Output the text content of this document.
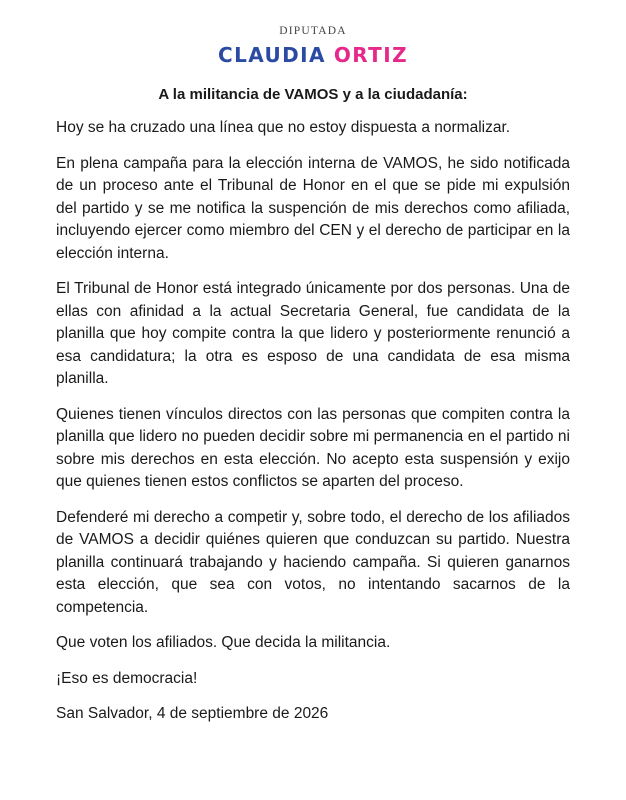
DIPUTADA
CLAUDIA ORTIZ
A la militancia de VAMOS y a la ciudadanía:

Hoy se ha cruzado una línea que no estoy dispuesta a normalizar.

En plena campaña para la elección interna de VAMOS, he sido notificada de un proceso ante el Tribunal de Honor en el que se pide mi expulsión del partido y se me notifica la suspención de mis derechos como afiliada, incluyendo ejercer como miembro del CEN y el derecho de participar en la elección interna.

El Tribunal de Honor está integrado únicamente por dos personas. Una de ellas con afinidad a la actual Secretaria General, fue candidata de la planilla que hoy compite contra la que lidero y posteriormente renunció a esa candidatura; la otra es esposo de una candidata de esa misma planilla.

Quienes tienen vínculos directos con las personas que compiten contra la planilla que lidero no pueden decidir sobre mi permanencia en el partido ni sobre mis derechos en esta elección. No acepto esta suspensión y exijo que quienes tienen estos conflictos se aparten del proceso.

Defenderé mi derecho a competir y, sobre todo, el derecho de los afiliados de VAMOS a decidir quiénes quieren que conduzcan su partido. Nuestra planilla continuará trabajando y haciendo campaña. Si quieren ganarnos esta elección, que sea con votos, no intentando sacarnos de la competencia.

Que voten los afiliados. Que decida la militancia.

¡Eso es democracia!

San Salvador, 4 de septiembre de 2026
